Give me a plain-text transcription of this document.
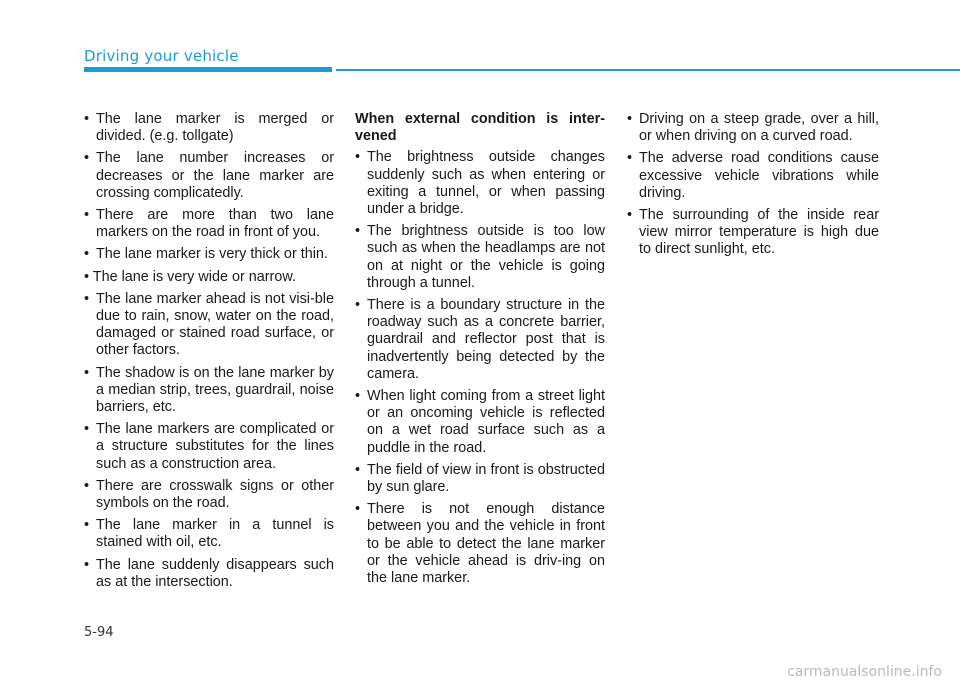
Driving your vehicle
• The lane marker is merged or divided. (e.g. tollgate)
• The lane number increases or decreases or the lane marker are crossing complicatedly.
• There are more than two lane markers on the road in front of you.
• The lane marker is very thick or thin.
• The lane is very wide or narrow.
• The lane marker ahead is not visi-ble due to rain, snow, water on the road, damaged or stained road surface, or other factors.
• The shadow is on the lane marker by a median strip, trees, guardrail, noise barriers, etc.
• The lane markers are complicated or a structure substitutes for the lines such as a construction area.
• There are crosswalk signs or other symbols on the road.
• The lane marker in a tunnel is stained with oil, etc.
• The lane suddenly disappears such as at the intersection.
When external condition is inter-vened
• The brightness outside changes suddenly such as when entering or exiting a tunnel, or when passing under a bridge.
• The brightness outside is too low such as when the headlamps are not on at night or the vehicle is going through a tunnel.
• There is a boundary structure in the roadway such as a concrete barrier, guardrail and reflector post that is inadvertently being detected by the camera.
• When light coming from a street light or an oncoming vehicle is reflected on a wet road surface such as a puddle in the road.
• The field of view in front is obstructed by sun glare.
• There is not enough distance between you and the vehicle in front to be able to detect the lane marker or the vehicle ahead is driv-ing on the lane marker.
• Driving on a steep grade, over a hill, or when driving on a curved road.
• The adverse road conditions cause excessive vehicle vibrations while driving.
• The surrounding of the inside rear view mirror temperature is high due to direct sunlight, etc.
5-94
carmanualsonline.info
